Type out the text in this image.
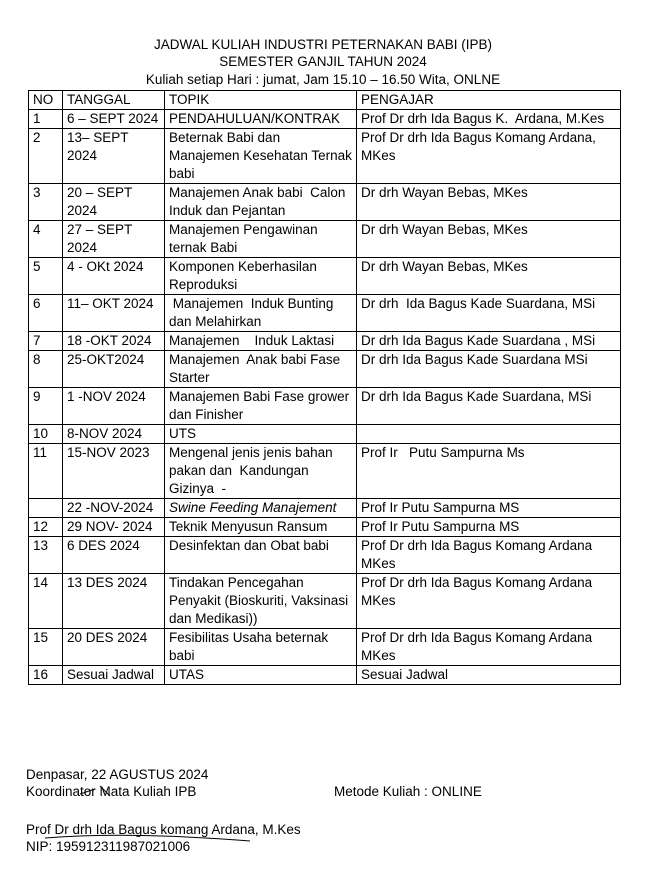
JADWAL KULIAH INDUSTRI PETERNAKAN BABI (IPB)
SEMESTER GANJIL TAHUN 2024
Kuliah setiap Hari : jumat, Jam 15.10 – 16.50 Wita, ONLNE
NO	TANGGAL	TOPIK	PENGAJAR
1	6 – SEPT 2024	PENDAHULUAN/KONTRAK	Prof Dr drh Ida Bagus K.  Ardana, M.Kes
2	13– SEPT 2024	Beternak Babi dan Manajemen Kesehatan Ternak babi	Prof Dr drh Ida Bagus Komang Ardana, MKes
3	20 – SEPT 2024	Manajemen Anak babi  Calon Induk dan Pejantan	Dr drh Wayan Bebas, MKes
4	27 – SEPT 2024	Manajemen Pengawinan ternak Babi	Dr drh Wayan Bebas, MKes
5	4 - OKt 2024	Komponen Keberhasilan Reproduksi	Dr drh Wayan Bebas, MKes
6	11– OKT 2024	Manajemen  Induk Bunting dan Melahirkan	Dr drh  Ida Bagus Kade Suardana, MSi
7	18 -OKT 2024	Manajemen    Induk Laktasi	Dr drh Ida Bagus Kade Suardana , MSi
8	25-OKT2024	Manajemen  Anak babi Fase Starter	Dr drh Ida Bagus Kade Suardana MSi
9	1 -NOV 2024	Manajemen Babi Fase grower dan Finisher	Dr drh Ida Bagus Kade Suardana, MSi
10	8-NOV 2024	UTS	
11	15-NOV 2023	Mengenal jenis jenis bahan pakan dan  Kandungan Gizinya  -	Prof Ir   Putu Sampurna Ms
	22 -NOV-2024	Swine Feeding Manajement	Prof Ir Putu Sampurna MS
12	29 NOV- 2024	Teknik Menyusun Ransum	Prof Ir Putu Sampurna MS
13	6 DES 2024	Desinfektan dan Obat babi	Prof Dr drh Ida Bagus Komang Ardana MKes
14	13 DES 2024	Tindakan Pencegahan Penyakit (Bioskuriti, Vaksinasi dan Medikasi))	Prof Dr drh Ida Bagus Komang Ardana MKes
15	20 DES 2024	Fesibilitas Usaha beternak babi	Prof Dr drh Ida Bagus Komang Ardana MKes
16	Sesuai Jadwal	UTAS	Sesuai Jadwal
Denpasar, 22 AGUSTUS 2024
Koordinator Mata Kuliah IPB	Metode Kuliah : ONLINE
Prof Dr drh Ida Bagus komang Ardana, M.Kes
NIP: 195912311987021006
